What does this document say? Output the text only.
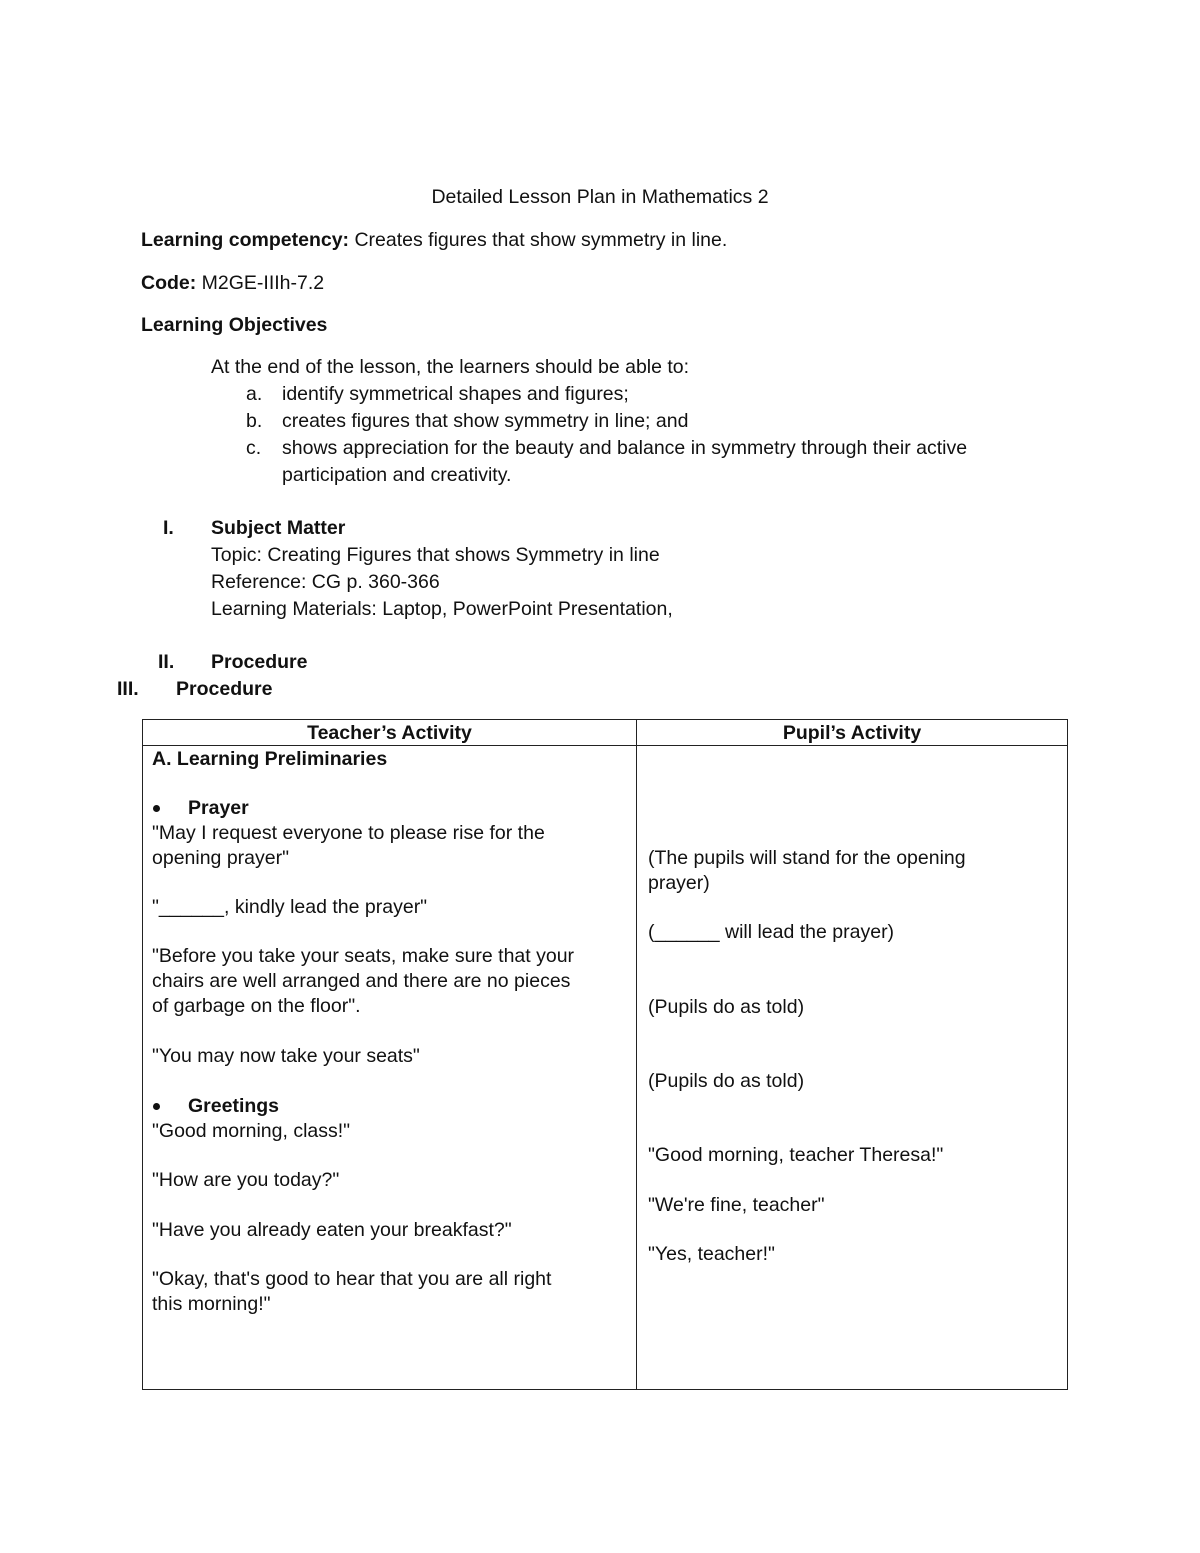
Detailed Lesson Plan in Mathematics 2
Learning competency: Creates figures that show symmetry in line.
Code: M2GE-IIIh-7.2
Learning Objectives
At the end of the lesson, the learners should be able to:
a. identify symmetrical shapes and figures;
b. creates figures that show symmetry in line; and
c. shows appreciation for the beauty and balance in symmetry through their active
participation and creativity.
I. Subject Matter
Topic: Creating Figures that shows Symmetry in line
Reference: CG p. 360-366
Learning Materials: Laptop, PowerPoint Presentation,
II. Procedure
III. Procedure
Teacher’s Activity	Pupil’s Activity
A. Learning Preliminaries
Prayer
"May I request everyone to please rise for the
opening prayer"
"______, kindly lead the prayer"
"Before you take your seats, make sure that your
chairs are well arranged and there are no pieces
of garbage on the floor".
"You may now take your seats"
Greetings
"Good morning, class!"
"How are you today?"
"Have you already eaten your breakfast?"
"Okay, that's good to hear that you are all right
this morning!"
(The pupils will stand for the opening
prayer)
(______ will lead the prayer)
(Pupils do as told)
(Pupils do as told)
"Good morning, teacher Theresa!"
"We're fine, teacher"
"Yes, teacher!"
